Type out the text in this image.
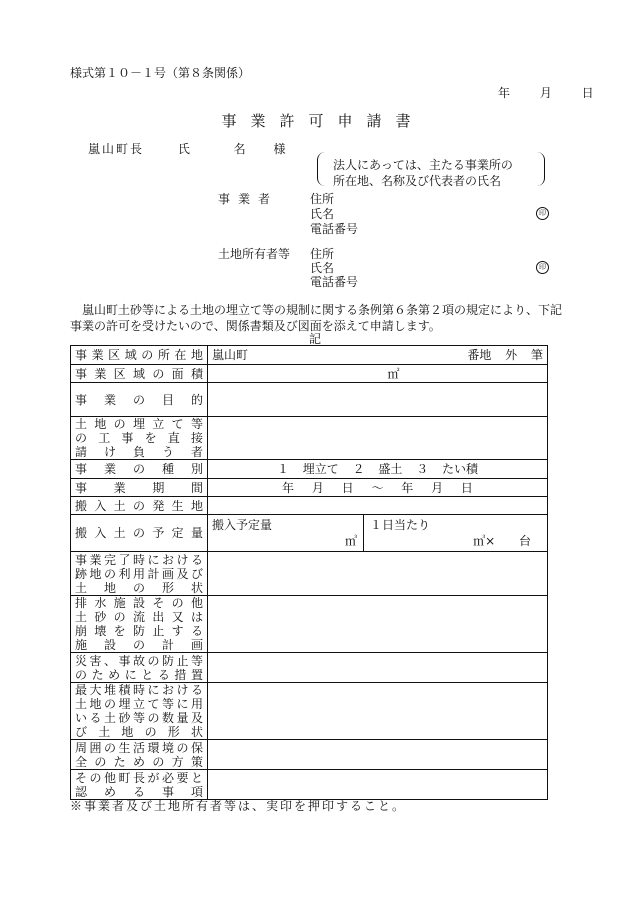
様式第１０－１号（第８条関係）
年 月 日
事業許可申請書
嵐山町長	氏	名 様
法人にあっては、主たる事業所の
所在地、名称及び代表者の氏名
事業者	住所
氏名
電話番号
印
土地所有者等 住所
氏名
電話番号
印
嵐山町土砂等による土地の埋立て等の規制に関する条例第６条第２項の規定により、下記事業の許可を受けたいので、関係書類及び図面を添えて申請します。
記
事業区域の所在地	嵐山町 番地 外 筆

事業区域の面積	㎡
事業の目的	

土地の埋立て等
の工事を直接
請け負う者	

事業の種別	１ 埋立て ２ 盛土 ３ たい積
事業期間	年 月 日 ～ 年 月 日
搬入土の発生地	
搬入土の予定量	搬入予定量
㎥
１日当たり
㎥× 台

事業完了時における
跡地の利用計画及び
土地の形状	

排水施設その他
土砂の流出又は
崩壊を防止する
施設の計画	

災害、事故の防止等
のためにとる措置	

最大堆積時における
土地の埋立て等に用
いる土砂等の数量及
び土地の形状	

周囲の生活環境の保
全のための方策	

その他町長が必要と
認める事項	

※事業者及び土地所有者等は、実印を押印すること。
